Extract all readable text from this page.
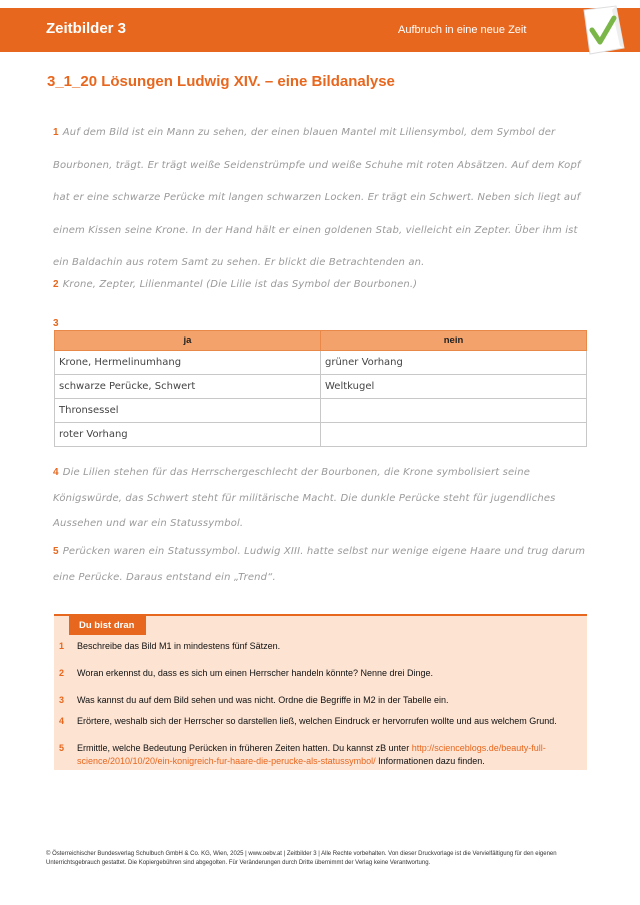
Zeitbilder 3	Aufbruch in eine neue Zeit
3_1_20 Lösungen Ludwig XIV. – eine Bildanalyse
1 Auf dem Bild ist ein Mann zu sehen, der einen blauen Mantel mit Liliensymbol, dem Symbol der Bourbonen, trägt. Er trägt weiße Seidenstrümpfe und weiße Schuhe mit roten Absätzen. Auf dem Kopf hat er eine schwarze Perücke mit langen schwarzen Locken. Er trägt ein Schwert. Neben sich liegt auf einem Kissen seine Krone. In der Hand hält er einen goldenen Stab, vielleicht ein Zepter. Über ihm ist ein Baldachin aus rotem Samt zu sehen. Er blickt die Betrachtenden an.
2 Krone, Zepter, Lilienmantel (Die Lilie ist das Symbol der Bourbonen.)
3
ja	nein
Krone, Hermelinumhang	grüner Vorhang
schwarze Perücke, Schwert	Weltkugel
Thronsessel	
roter Vorhang	
4 Die Lilien stehen für das Herrschergeschlecht der Bourbonen, die Krone symbolisiert seine Königswürde, das Schwert steht für militärische Macht. Die dunkle Perücke steht für jugendliches Aussehen und war ein Statussymbol.
5 Perücken waren ein Statussymbol. Ludwig XIII. hatte selbst nur wenige eigene Haare und trug darum eine Perücke. Daraus entstand ein „Trend“.
Du bist dran
1 Beschreibe das Bild M1 in mindestens fünf Sätzen.
2 Woran erkennst du, dass es sich um einen Herrscher handeln könnte? Nenne drei Dinge.
3 Was kannst du auf dem Bild sehen und was nicht. Ordne die Begriffe in M2 in der Tabelle ein.
4 Erörtere, weshalb sich der Herrscher so darstellen ließ, welchen Eindruck er hervorrufen wollte und aus welchem Grund.
5 Ermittle, welche Bedeutung Perücken in früheren Zeiten hatten. Du kannst zB unter http://scienceblogs.de/beauty-full-science/2010/10/20/ein-konigreich-fur-haare-die-perucke-als-statussymbol/ Informationen dazu finden.
© Österreichischer Bundesverlag Schulbuch GmbH & Co. KG, Wien, 2025 | www.oebv.at | Zeitbilder 3 | Alle Rechte vorbehalten. Von dieser Druckvorlage ist die Vervielfältigung für den eigenen Unterrichtsgebrauch gestattet. Die Kopiergebühren sind abgegolten. Für Veränderungen durch Dritte übernimmt der Verlag keine Verantwortung.
